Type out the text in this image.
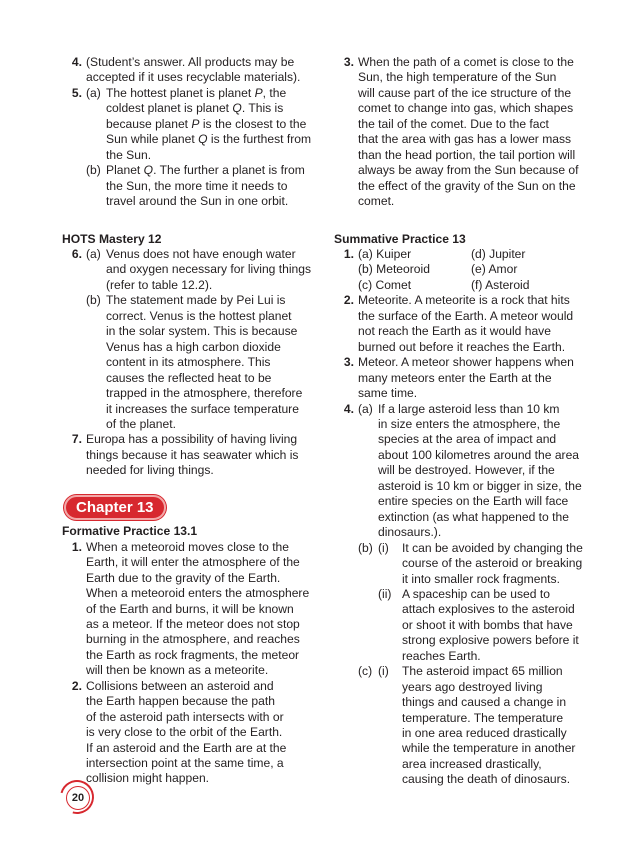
4. (Student’s answer. All products may be
accepted if it uses recyclable materials).
5. (a) The hottest planet is planet P, the
coldest planet is planet Q. This is
because planet P is the closest to the
Sun while planet Q is the furthest from
the Sun.
(b) Planet Q. The further a planet is from
the Sun, the more time it needs to
travel around the Sun in one orbit.
HOTS Mastery 12
6. (a) Venus does not have enough water
and oxygen necessary for living things
(refer to table 12.2).
(b) The statement made by Pei Lui is
correct. Venus is the hottest planet
in the solar system. This is because
Venus has a high carbon dioxide
content in its atmosphere. This
causes the reflected heat to be
trapped in the atmosphere, therefore
it increases the surface temperature
of the planet.
7. Europa has a possibility of having living
things because it has seawater which is
needed for living things.
Chapter 13
Formative Practice 13.1
1. When a meteoroid moves close to the
Earth, it will enter the atmosphere of the
Earth due to the gravity of the Earth.
When a meteoroid enters the atmosphere
of the Earth and burns, it will be known
as a meteor. If the meteor does not stop
burning in the atmosphere, and reaches
the Earth as rock fragments, the meteor
will then be known as a meteorite.
2. Collisions between an asteroid and
the Earth happen because the path
of the asteroid path intersects with or
is very close to the orbit of the Earth.
If an asteroid and the Earth are at the
intersection point at the same time, a
collision might happen.
3. When the path of a comet is close to the
Sun, the high temperature of the Sun
will cause part of the ice structure of the
comet to change into gas, which shapes
the tail of the comet. Due to the fact
that the area with gas has a lower mass
than the head portion, the tail portion will
always be away from the Sun because of
the effect of the gravity of the Sun on the
comet.
Summative Practice 13
1. (a) Kuiper	(d) Jupiter
(b) Meteoroid	(e) Amor
(c) Comet	(f) Asteroid
2. Meteorite. A meteorite is a rock that hits
the surface of the Earth. A meteor would
not reach the Earth as it would have
burned out before it reaches the Earth.
3. Meteor. A meteor shower happens when
many meteors enter the Earth at the
same time.
4. (a) If a large asteroid less than 10 km
in size enters the atmosphere, the
species at the area of impact and
about 100 kilometres around the area
will be destroyed. However, if the
asteroid is 10 km or bigger in size, the
entire species on the Earth will face
extinction (as what happened to the
dinosaurs.).
(b) (i)	It can be avoided by changing the
course of the asteroid or breaking
it into smaller rock fragments.
(ii) A spaceship can be used to
attach explosives to the asteroid
or shoot it with bombs that have
strong explosive powers before it
reaches Earth.
(c) (i)	The asteroid impact 65 million
years ago destroyed living
things and caused a change in
temperature. The temperature
in one area reduced drastically
while the temperature in another
area increased drastically,
causing the death of dinosaurs.
20
